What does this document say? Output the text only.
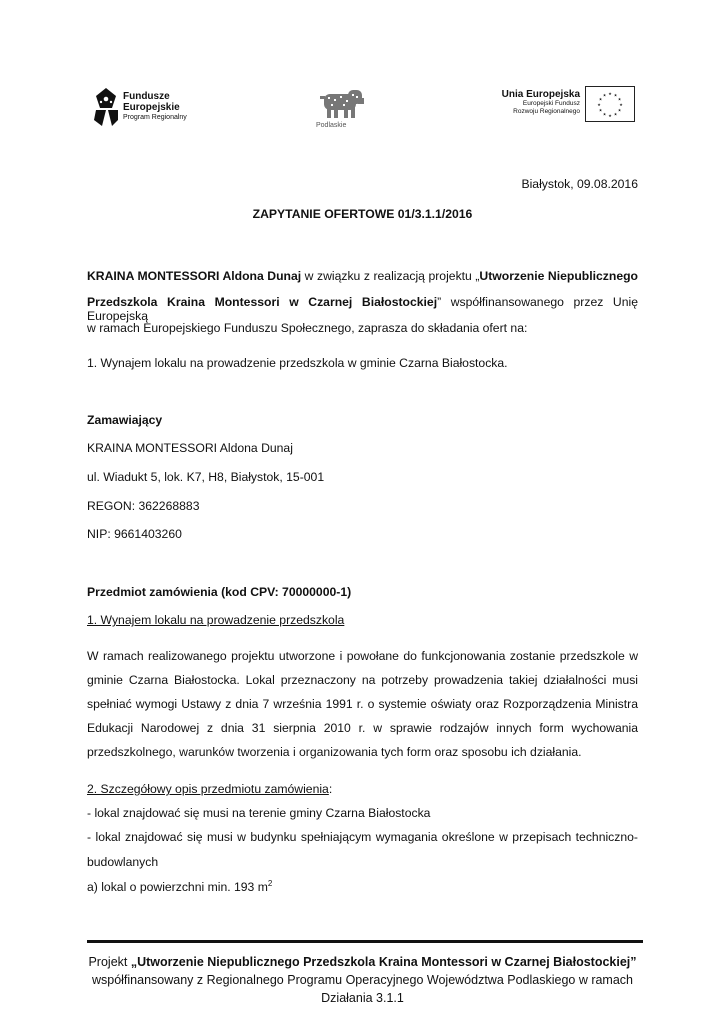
Fundusze
Europejskie
Program Regionalny
Podlaskie
Unia Europejska
Europejski Fundusz
Rozwoju Regionalnego
★ ★
★
★
★
★
★
★
★
★
★
★
Białystok, 09.08.2016
ZAPYTANIE OFERTOWE 01/3.1.1/2016
KRAINA MONTESSORI Aldona Dunaj w związku z realizacją projektu „Utworzenie Niepublicznego
Przedszkola Kraina Montessori w Czarnej Białostockiej” współfinansowanego przez Unię Europejską
w ramach Europejskiego Funduszu Społecznego, zaprasza do składania ofert na:
1. Wynajem lokalu na prowadzenie przedszkola w gminie Czarna Białostocka.
Zamawiający
KRAINA MONTESSORI Aldona Dunaj
ul. Wiadukt 5, lok. K7, H8, Białystok, 15-001
REGON: 362268883
NIP: 9661403260
Przedmiot zamówienia (kod CPV: 70000000-1)
1. Wynajem lokalu na prowadzenie przedszkola
W ramach realizowanego projektu utworzone i powołane do funkcjonowania zostanie przedszkole w
gminie Czarna Białostocka. Lokal przeznaczony na potrzeby prowadzenia takiej działalności musi
spełniać wymogi Ustawy z dnia 7 września 1991 r. o systemie oświaty oraz Rozporządzenia Ministra
Edukacji Narodowej z dnia 31 sierpnia 2010 r. w sprawie rodzajów innych form wychowania
przedszkolnego, warunków tworzenia i organizowania tych form oraz sposobu ich działania.
2. Szczegółowy opis przedmiotu zamówienia:
- lokal znajdować się musi na terenie gminy Czarna Białostocka
- lokal znajdować się musi w budynku spełniającym wymagania określone w przepisach techniczno-
budowlanych
a) lokal o powierzchni min. 193 $m^2$
Projekt „Utworzenie Niepublicznego Przedszkola Kraina Montessori w Czarnej Białostockiej”
współfinansowany z Regionalnego Programu Operacyjnego Województwa Podlaskiego w ramach
Działania 3.1.1
